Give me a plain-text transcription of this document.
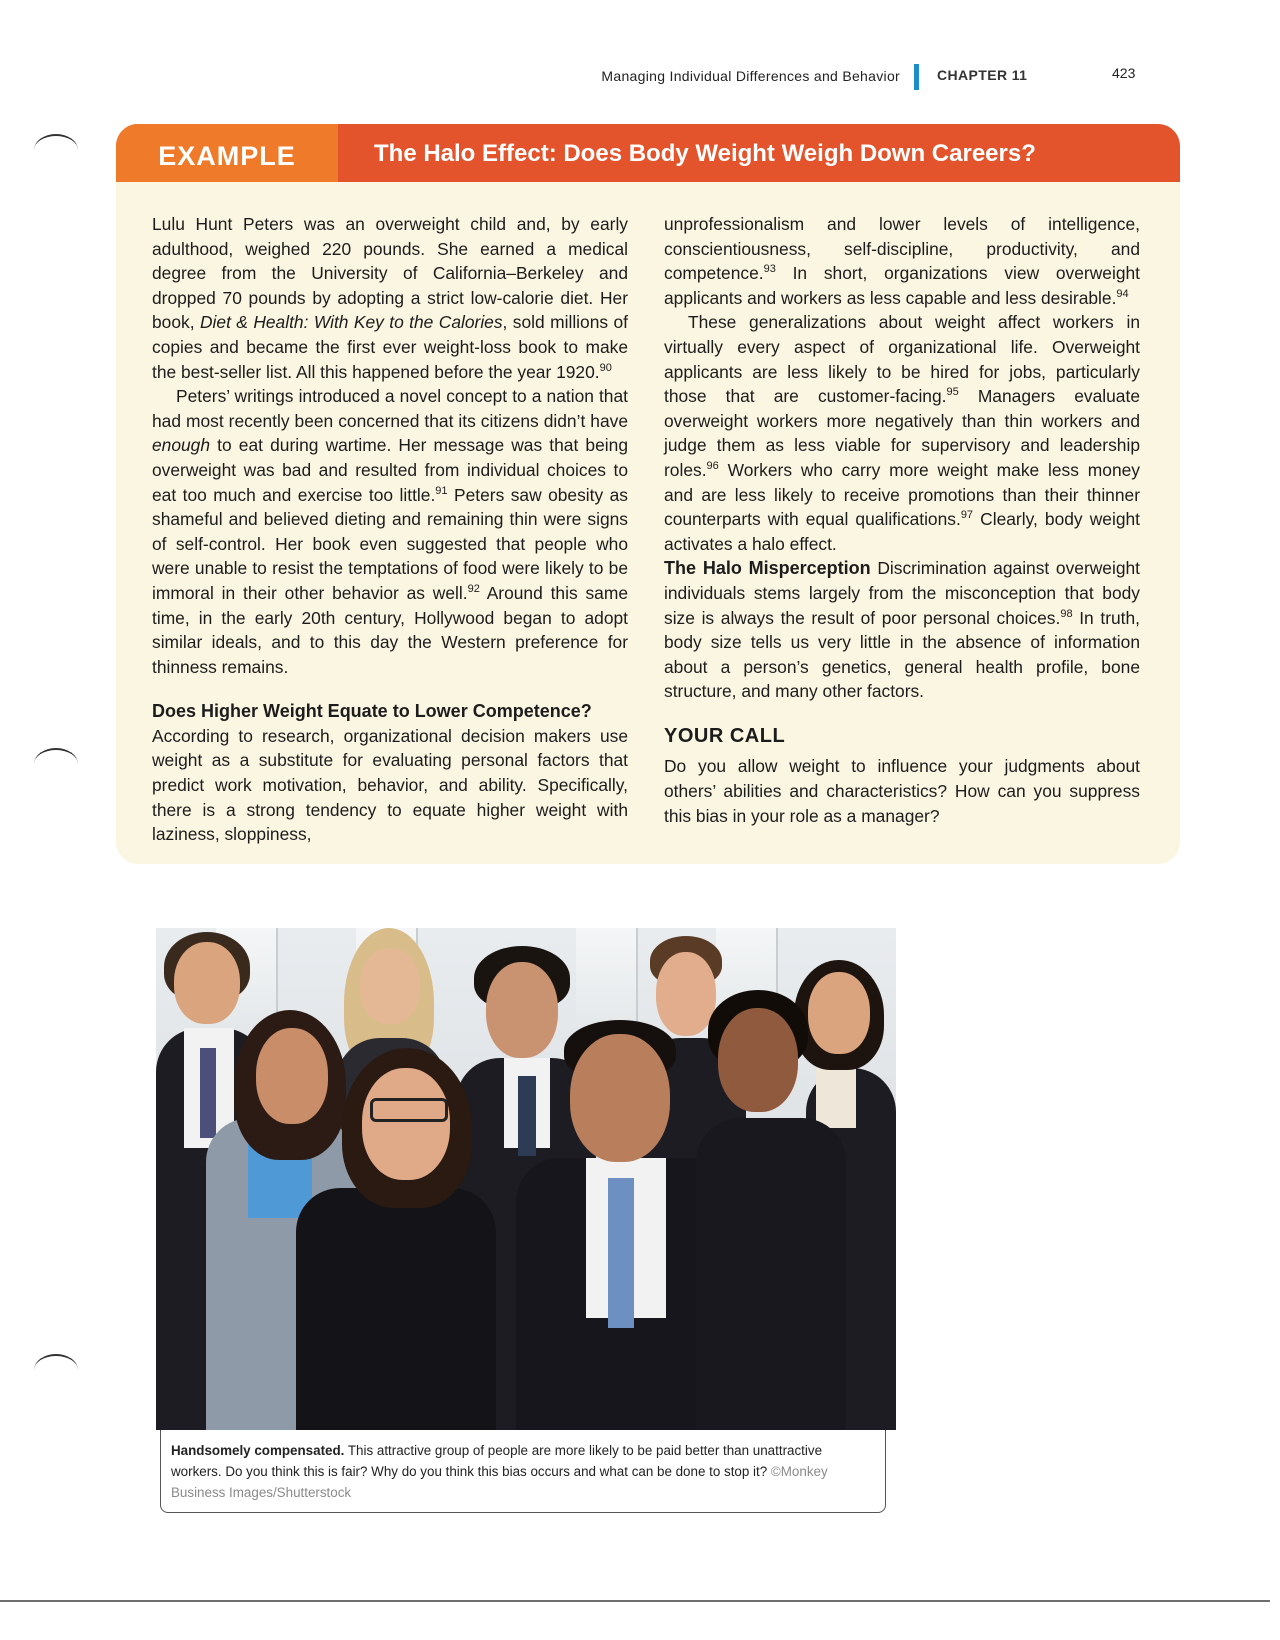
Managing Individual Differences and Behavior	CHAPTER 11	423
EXAMPLE	The Halo Effect: Does Body Weight Weigh Down Careers?

Lulu Hunt Peters was an overweight child and, by early adulthood, weighed 220 pounds. She earned a medical degree from the University of California–Berkeley and dropped 70 pounds by adopting a strict low-calorie diet. Her book, Diet & Health: With Key to the Calories, sold millions of copies and became the first ever weight-loss book to make the best-seller list. All this happened before the year 1920.90

Peters’ writings introduced a novel concept to a nation that had most recently been concerned that its citizens didn’t have enough to eat during wartime. Her message was that being overweight was bad and resulted from individual choices to eat too much and exercise too little.$^{91}$ Peters saw obesity as shameful and believed dieting and remaining thin were signs of self-control. Her book even suggested that people who were unable to resist the temptations of food were likely to be immoral in their other behavior as well.$^{92}$ Around this same time, in the early 20th century, Hollywood began to adopt similar ideals, and to this day the Western preference for thinness remains.

Does Higher Weight Equate to Lower Competence?

According to research, organizational decision makers use weight as a substitute for evaluating personal factors that predict work motivation, behavior, and ability. Specifically, there is a strong tendency to equate higher weight with laziness, sloppiness,

unprofessionalism and lower levels of intelligence, conscientiousness, self-discipline, productivity, and competence.$^{93}$ In short, organizations view overweight applicants and workers as less capable and less desirable.$^{94}$

These generalizations about weight affect workers in virtually every aspect of organizational life. Overweight applicants are less likely to be hired for jobs, particularly those that are customer-facing.$^{95}$ Managers evaluate overweight workers more negatively than thin workers and judge them as less viable for supervisory and leadership roles.$^{96}$ Workers who carry more weight make less money and are less likely to receive promotions than their thinner counterparts with equal qualifications.$^{97}$ Clearly, body weight activates a halo effect.

The Halo Misperception Discrimination against overweight individuals stems largely from the misconception that body size is always the result of poor personal choices.$^{98}$ In truth, body size tells us very little in the absence of information about a person’s genetics, general health profile, bone structure, and many other factors.

YOUR CALL

Do you allow weight to influence your judgments about others’ abilities and characteristics? How can you suppress this bias in your role as a manager?

Handsomely compensated. This attractive group of people are more likely to be paid better than unattractive workers. Do you think this is fair? Why do you think this bias occurs and what can be done to stop it? ©Monkey Business Images/Shutterstock
